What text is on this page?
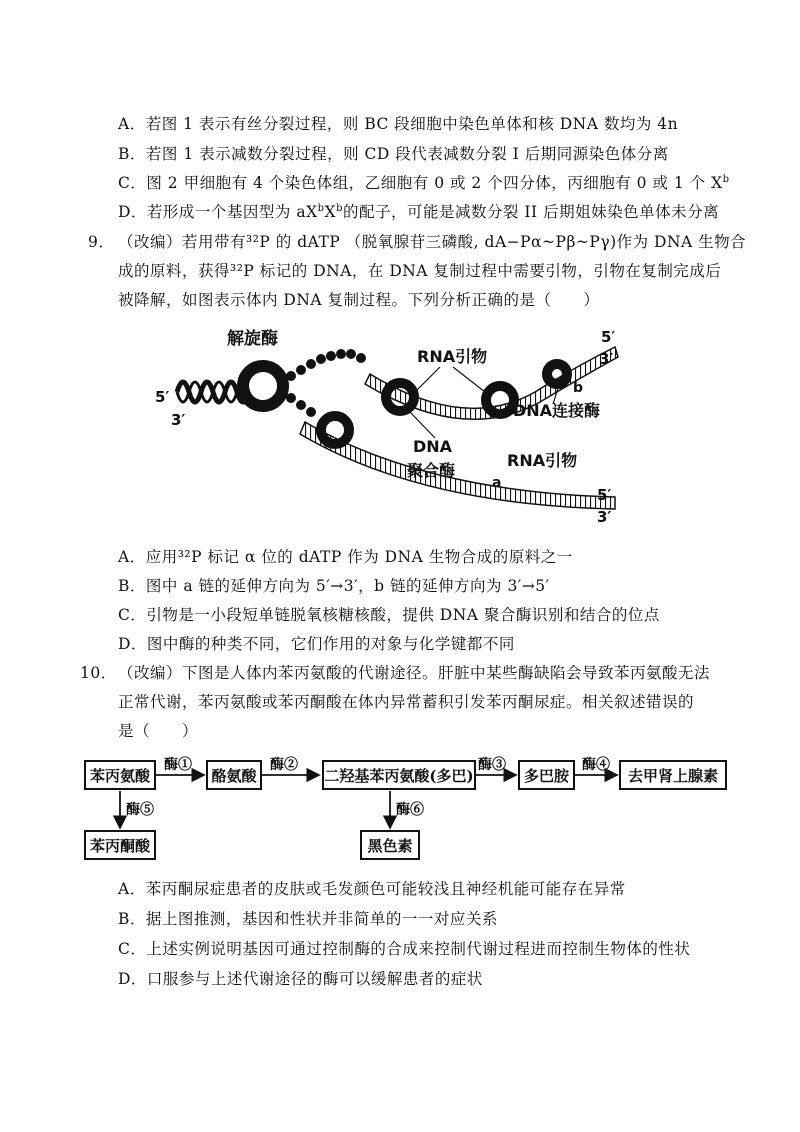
A．若图 1 表示有丝分裂过程，则 BC 段细胞中染色单体和核 DNA 数均为 4n
B．若图 1 表示减数分裂过程，则 CD 段代表减数分裂 I 后期同源染色体分离
C．图 2 甲细胞有 4 个染色体组，乙细胞有 0 或 2 个四分体，丙细胞有 0 或 1 个 $X^b$
D．若形成一个基因型为 $aX^bX^b$的配子，可能是减数分裂 II 后期姐妹染色单体未分离
9． （改编）若用带有³²P 的 dATP （脱氧腺苷三磷酸, dA−Pα~Pβ~Pγ)作为 DNA 生物合
成的原料，获得³²P 标记的 DNA，在 DNA 复制过程中需要引物，引物在复制完成后
被降解，如图表示体内 DNA 复制过程。下列分析正确的是（　　）
解旋酶
RNA引物
DNA
聚合酶
DNA连接酶
RNA引物
a
b
5′
3′
5′
3′
5′
3′
A．应用³²P 标记 α 位的 dATP 作为 DNA 生物合成的原料之一
B．图中 a 链的延伸方向为 5′→3′，b 链的延伸方向为 3′→5′
C．引物是一小段短单链脱氧核糖核酸，提供 DNA 聚合酶识别和结合的位点
D．图中酶的种类不同，它们作用的对象与化学键都不同
10． （改编）下图是人体内苯丙氨酸的代谢途径。肝脏中某些酶缺陷会导致苯丙氨酸无法
正常代谢，苯丙氨酸或苯丙酮酸在体内异常蓄积引发苯丙酮尿症。相关叙述错误的
是（　　）
苯丙氨酸	酪氨酸	二羟基苯丙氨酸(多巴)	多巴胺	去甲肾上腺素
苯丙酮酸	黑色素
酶①	酶②	酶③	酶④
酶⑤	酶⑥
A．苯丙酮尿症患者的皮肤或毛发颜色可能较浅且神经机能可能存在异常
B．据上图推测，基因和性状并非简单的一一对应关系
C．上述实例说明基因可通过控制酶的合成来控制代谢过程进而控制生物体的性状
D．口服参与上述代谢途径的酶可以缓解患者的症状
